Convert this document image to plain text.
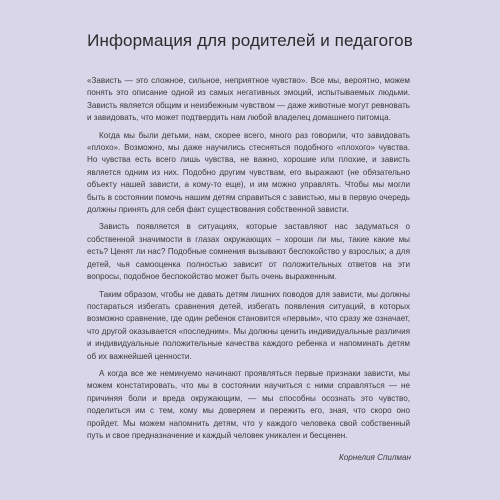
Информация для родителей и педагогов

«Зависть — это сложное, сильное, неприятное чувство». Все мы, вероятно, можем понять это описание одной из самых негативных эмоций, испытываемых людьми. Зависть является общим и неизбежным чувством — даже животные могут ревновать и завидовать, что может подтвердить нам любой владелец домашнего питомца.

Когда мы были детьми, нам, скорее всего, много раз говорили, что завидовать «плохо». Возможно, мы даже научились стесняться подобного «плохого» чувства. Но чувства есть всего лишь чувства, не важно, хорошие или плохие, и зависть является одним из них. Подобно другим чувствам, его выражают (не обязательно объекту нашей зависти, а кому-то еще), и им можно управлять. Чтобы мы могли быть в состоянии помочь нашим детям справиться с завистью, мы в первую очередь должны принять для себя факт существования собственной зависти.

Зависть появляется в ситуациях, которые заставляют нас задуматься о собственной значимости в глазах окружающих – хороши ли мы, такие какие мы есть? Ценят ли нас? Подобные сомнения вызывают беспокойство у взрослых; а для детей, чья самооценка полностью зависит от положительных ответов на эти вопросы, подобное беспокойство может быть очень выраженным.

Таким образом, чтобы не давать детям лишних поводов для зависти, мы должны постараться избегать сравнения детей, избегать появления ситуаций, в которых возможно сравнение, где один ребенок становится «первым», что сразу же означает, что другой оказывается «последним». Мы должны ценить индивидуальные различия и индивидуальные положительные качества каждого ребенка и напоминать детям об их важнейшей ценности.

А когда все же неминуемо начинают проявляться первые признаки зависти, мы можем констатировать, что мы в состоянии научиться с ними справляться — не причиняя боли и вреда окружающим, — мы способны осознать это чувство, поделиться им с тем, кому мы доверяем и пережить его, зная, что скоро оно пройдет. Мы можем напомнить детям, что у каждого человека свой собственный путь и свое предназначение и каждый человек уникален и бесценен.

Корнелия Спилман
